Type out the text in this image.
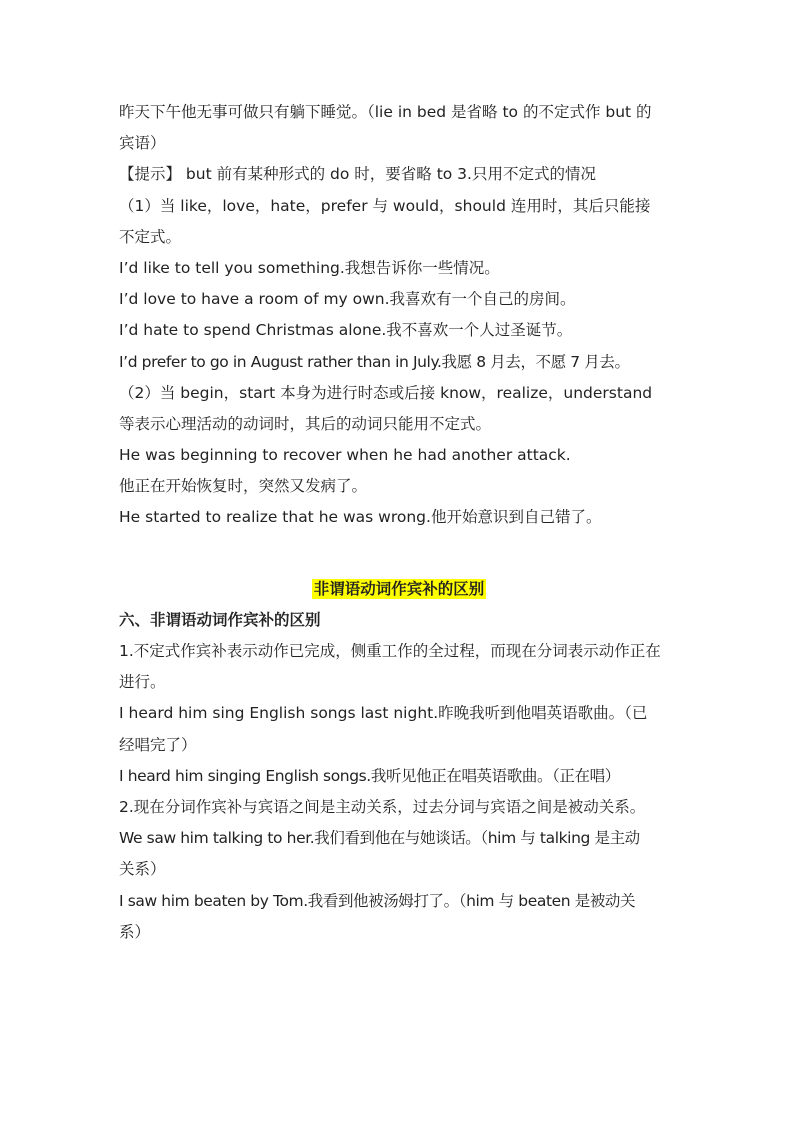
昨天下午他无事可做只有躺下睡觉。（lie in bed 是省略 to 的不定式作 but 的
宾语）
【提示】 but 前有某种形式的 do 时，要省略 to 3.只用不定式的情况
（1）当 like，love，hate，prefer 与 would，should 连用时，其后只能接
不定式。
I’d like to tell you something.我想告诉你一些情况。
I’d love to have a room of my own.我喜欢有一个自己的房间。
I’d hate to spend Christmas alone.我不喜欢一个人过圣诞节。
I’d prefer to go in August rather than in July.我愿 8 月去，不愿 7 月去。
（2）当 begin，start 本身为进行时态或后接 know，realize，understand
等表示心理活动的动词时，其后的动词只能用不定式。
He was beginning to recover when he had another attack.
他正在开始恢复时，突然又发病了。
He started to realize that he was wrong.他开始意识到自己错了。
非谓语动词作宾补的区别
六、非谓语动词作宾补的区别
1.不定式作宾补表示动作已完成，侧重工作的全过程，而现在分词表示动作正在
进行。
I heard him sing English songs last night.昨晚我听到他唱英语歌曲。（已
经唱完了）
I heard him singing English songs.我听见他正在唱英语歌曲。（正在唱）
2.现在分词作宾补与宾语之间是主动关系，过去分词与宾语之间是被动关系。
We saw him talking to her.我们看到他在与她谈话。（him 与 talking 是主动
关系）
I saw him beaten by Tom.我看到他被汤姆打了。（him 与 beaten 是被动关
系）
